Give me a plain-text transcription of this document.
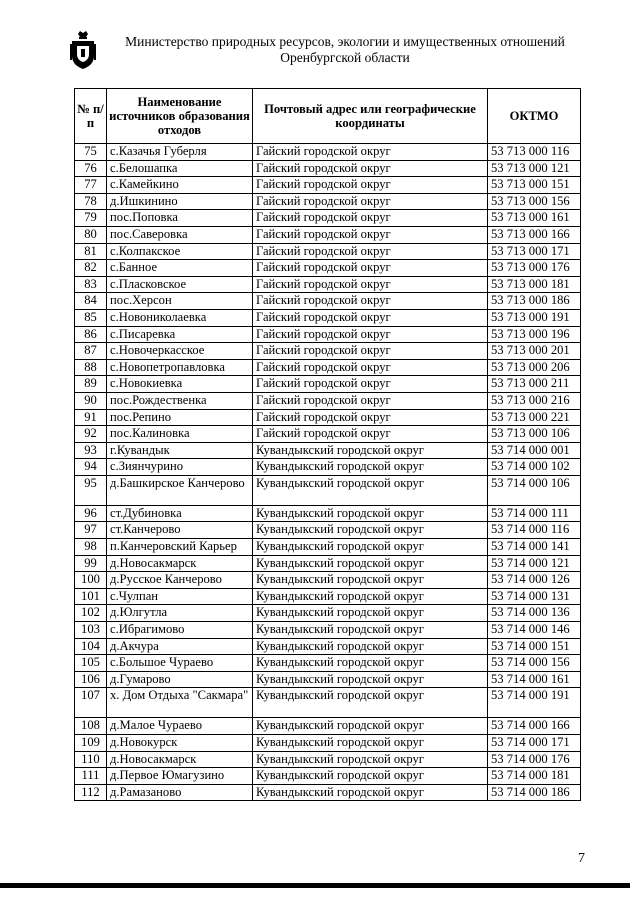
Министерство природных ресурсов, экологии и имущественных отношений
Оренбургской области
№ п/п	Наименование источников образования отходов	Почтовый адрес или географические координаты	ОКТМО
75	с.Казачья Губерля	Гайский городской округ	53 713 000 116
76	с.Белошапка	Гайский городской округ	53 713 000 121
77	с.Камейкино	Гайский городской округ	53 713 000 151
78	д.Ишкинино	Гайский городской округ	53 713 000 156
79	пос.Поповка	Гайский городской округ	53 713 000 161
80	пос.Саверовка	Гайский городской округ	53 713 000 166
81	с.Колпакское	Гайский городской округ	53 713 000 171
82	с.Банное	Гайский городской округ	53 713 000 176
83	с.Пласковское	Гайский городской округ	53 713 000 181
84	пос.Херсон	Гайский городской округ	53 713 000 186
85	с.Новониколаевка	Гайский городской округ	53 713 000 191
86	с.Писаревка	Гайский городской округ	53 713 000 196
87	с.Новочеркасское	Гайский городской округ	53 713 000 201
88	с.Новопетропавловка	Гайский городской округ	53 713 000 206
89	с.Новокиевка	Гайский городской округ	53 713 000 211
90	пос.Рождественка	Гайский городской округ	53 713 000 216
91	пос.Репино	Гайский городской округ	53 713 000 221
92	пос.Калиновка	Гайский городской округ	53 713 000 106
93	г.Кувандык	Кувандыкский городской округ	53 714 000 001
94	с.Зиянчурино	Кувандыкский городской округ	53 714 000 102
95	д.Башкирское Канчерово	Кувандыкский городской округ	53 714 000 106
96	ст.Дубиновка	Кувандыкский городской округ	53 714 000 111
97	ст.Канчерово	Кувандыкский городской округ	53 714 000 116
98	п.Канчеровский Карьер	Кувандыкский городской округ	53 714 000 141
99	д.Новосакмарск	Кувандыкский городской округ	53 714 000 121
100	д.Русское Канчерово	Кувандыкский городской округ	53 714 000 126
101	с.Чулпан	Кувандыкский городской округ	53 714 000 131
102	д.Юлгутла	Кувандыкский городской округ	53 714 000 136
103	с.Ибрагимово	Кувандыкский городской округ	53 714 000 146
104	д.Акчура	Кувандыкский городской округ	53 714 000 151
105	с.Большое Чураево	Кувандыкский городской округ	53 714 000 156
106	д.Гумарово	Кувандыкский городской округ	53 714 000 161
107	х. Дом Отдыха "Сакмара"	Кувандыкский городской округ	53 714 000 191
108	д.Малое Чураево	Кувандыкский городской округ	53 714 000 166
109	д.Новокурск	Кувандыкский городской округ	53 714 000 171
110	д.Новосакмарск	Кувандыкский городской округ	53 714 000 176
111	д.Первое Юмагузино	Кувандыкский городской округ	53 714 000 181
112	д.Рамазаново	Кувандыкский городской округ	53 714 000 186
7
